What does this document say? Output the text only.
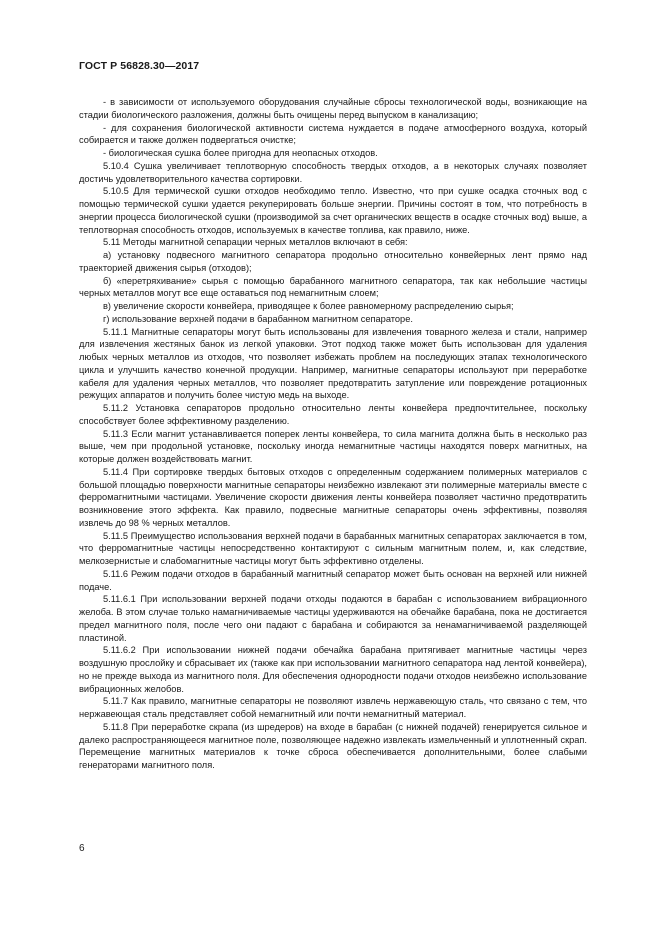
ГОСТ Р 56828.30—2017

- в зависимости от используемого оборудования случайные сбросы технологической воды, возникающие на стадии биологического разложения, должны быть очищены перед выпуском в канализацию;

- для сохранения биологической активности система нуждается в подаче атмосферного воздуха, который собирается и также должен подвергаться очистке;

- биологическая сушка более пригодна для неопасных отходов.

5.10.4 Сушка увеличивает теплотворную способность твердых отходов, а в некоторых случаях позволяет достичь удовлетворительного качества сортировки.

5.10.5 Для термической сушки отходов необходимо тепло. Известно, что при сушке осадка сточных вод с помощью термической сушки удается рекуперировать больше энергии. Причины состоят в том, что потребность в энергии процесса биологической сушки (производимой за счет органических веществ в осадке сточных вод) выше, а теплотворная способность отходов, используемых в качестве топлива, как правило, ниже.

5.11 Методы магнитной сепарации черных металлов включают в себя:

а) установку подвесного магнитного сепаратора продольно относительно конвейерных лент прямо над траекторией движения сырья (отходов);

б) «перетряхивание» сырья с помощью барабанного магнитного сепаратора, так как небольшие частицы черных металлов могут все еще оставаться под немагнитным слоем;

в) увеличение скорости конвейера, приводящее к более равномерному распределению сырья;

г) использование верхней подачи в барабанном магнитном сепараторе.

5.11.1 Магнитные сепараторы могут быть использованы для извлечения товарного железа и стали, например для извлечения жестяных банок из легкой упаковки. Этот подход также может быть использован для удаления любых черных металлов из отходов, что позволяет избежать проблем на последующих этапах технологического цикла и улучшить качество конечной продукции. Например, магнитные сепараторы используют при переработке кабеля для удаления черных металлов, что позволяет предотвратить затупление или повреждение ротационных режущих аппаратов и получить более чистую медь на выходе.

5.11.2 Установка сепараторов продольно относительно ленты конвейера предпочтительнее, поскольку способствует более эффективному разделению.

5.11.3 Если магнит устанавливается поперек ленты конвейера, то сила магнита должна быть в несколько раз выше, чем при продольной установке, поскольку иногда немагнитные частицы находятся поверх магнитных, на которые должен воздействовать магнит.

5.11.4 При сортировке твердых бытовых отходов с определенным содержанием полимерных материалов с большой площадью поверхности магнитные сепараторы неизбежно извлекают эти полимерные материалы вместе с ферромагнитными частицами. Увеличение скорости движения ленты конвейера позволяет частично предотвратить возникновение этого эффекта. Как правило, подвесные магнитные сепараторы очень эффективны, позволяя извлечь до 98 % черных металлов.

5.11.5 Преимущество использования верхней подачи в барабанных магнитных сепараторах заключается в том, что ферромагнитные частицы непосредственно контактируют с сильным магнитным полем, и, как следствие, мелкозернистые и слабомагнитные частицы могут быть эффективно отделены.

5.11.6 Режим подачи отходов в барабанный магнитный сепаратор может быть основан на верхней или нижней подаче.

5.11.6.1 При использовании верхней подачи отходы подаются в барабан с использованием вибрационного желоба. В этом случае только намагничиваемые частицы удерживаются на обечайке барабана, пока не достигается предел магнитного поля, после чего они падают с барабана и собираются за ненамагничиваемой разделяющей пластиной.

5.11.6.2 При использовании нижней подачи обечайка барабана притягивает магнитные частицы через воздушную прослойку и сбрасывает их (также как при использовании магнитного сепаратора над лентой конвейера), но не прежде выхода из магнитного поля. Для обеспечения однородности подачи отходов неизбежно использование вибрационных желобов.

5.11.7 Как правило, магнитные сепараторы не позволяют извлечь нержавеющую сталь, что связано с тем, что нержавеющая сталь представляет собой немагнитный или почти немагнитный материал.

5.11.8 При переработке скрапа (из шредеров) на входе в барабан (с нижней подачей) генерируется сильное и далеко распространяющееся магнитное поле, позволяющее надежно извлекать измельченный и уплотненный скрап. Перемещение магнитных материалов к точке сброса обеспечивается дополнительными, более слабыми генераторами магнитного поля.

6
